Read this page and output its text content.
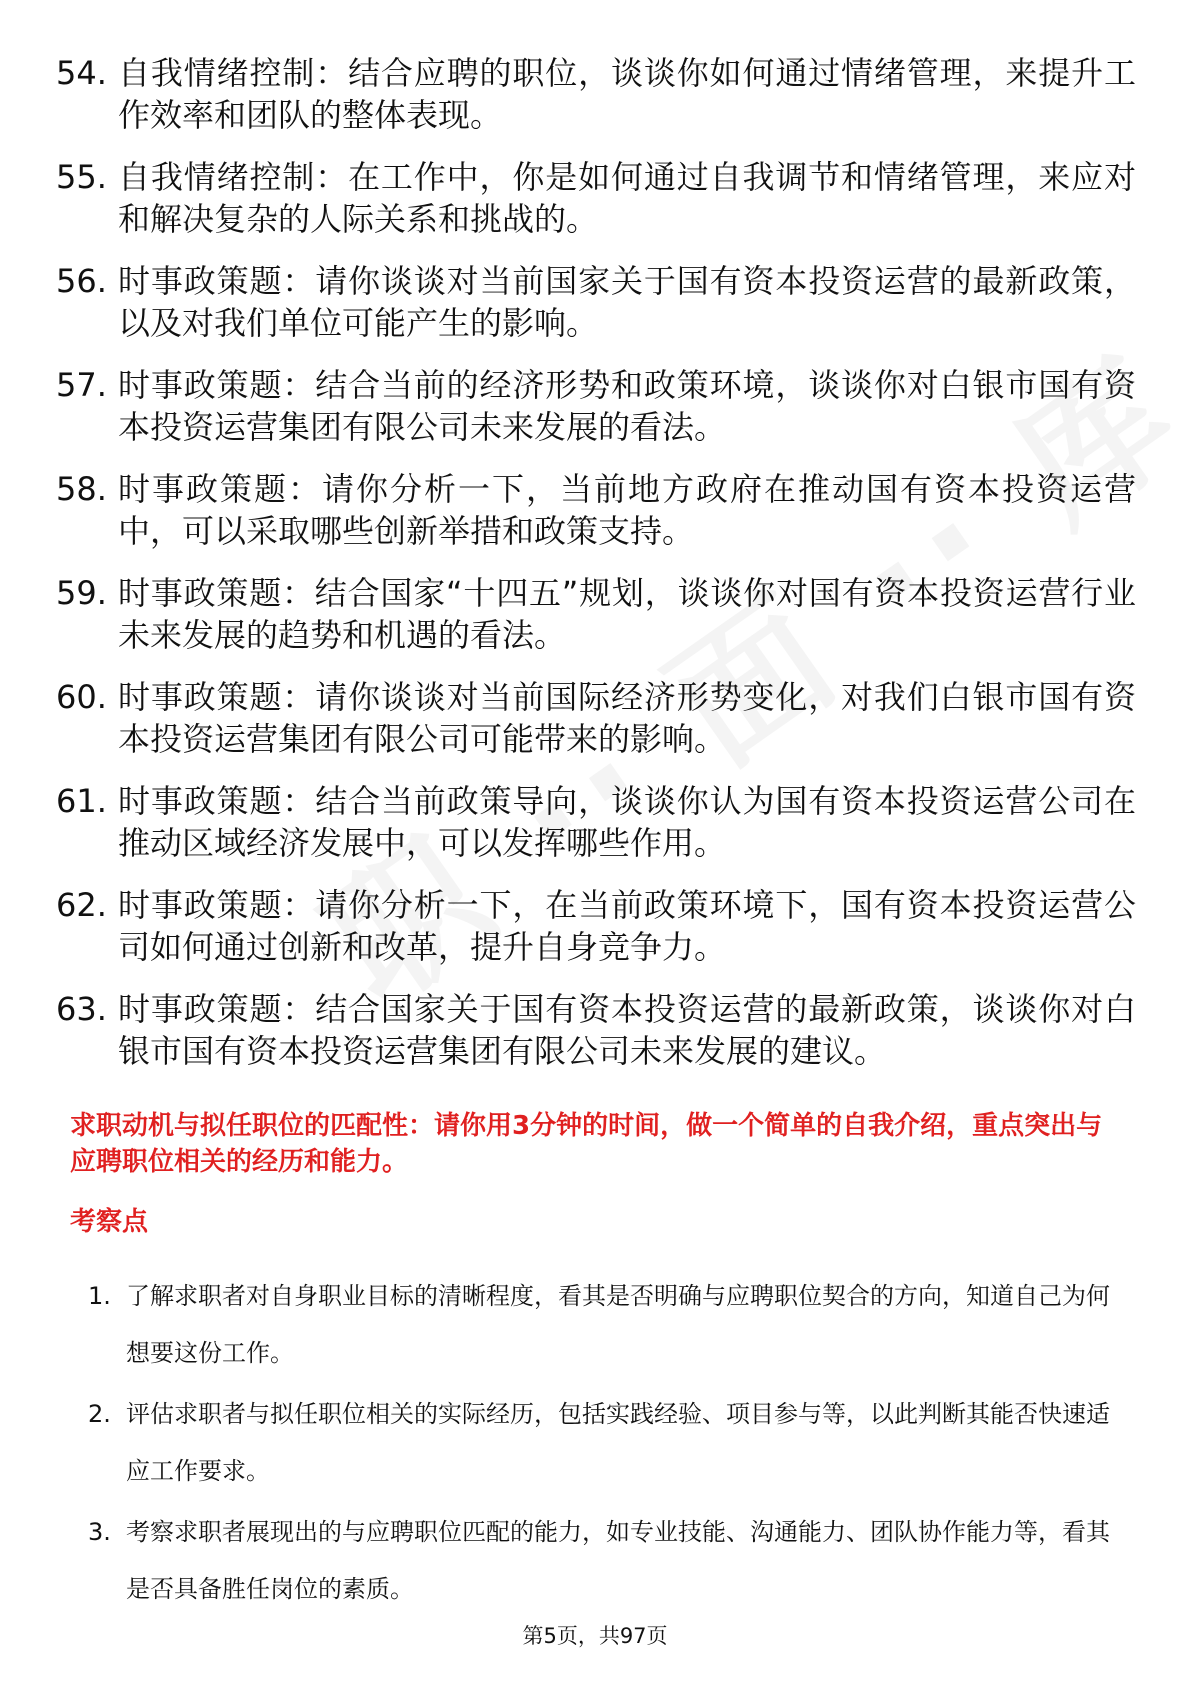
54. 自我情绪控制：结合应聘的职位，谈谈你如何通过情绪管理，来提升工作效率和团队的整体表现。
55. 自我情绪控制：在工作中，你是如何通过自我调节和情绪管理，来应对和解决复杂的人际关系和挑战的。
56. 时事政策题：请你谈谈对当前国家关于国有资本投资运营的最新政策，以及对我们单位可能产生的影响。
57. 时事政策题：结合当前的经济形势和政策环境，谈谈你对白银市国有资本投资运营集团有限公司未来发展的看法。
58. 时事政策题：请你分析一下，当前地方政府在推动国有资本投资运营中，可以采取哪些创新举措和政策支持。
59. 时事政策题：结合国家“十四五”规划，谈谈你对国有资本投资运营行业未来发展的趋势和机遇的看法。
60. 时事政策题：请你谈谈对当前国际经济形势变化，对我们白银市国有资本投资运营集团有限公司可能带来的影响。
61. 时事政策题：结合当前政策导向，谈谈你认为国有资本投资运营公司在推动区域经济发展中，可以发挥哪些作用。
62. 时事政策题：请你分析一下，在当前政策环境下，国有资本投资运营公司如何通过创新和改革，提升自身竞争力。
63. 时事政策题：结合国家关于国有资本投资运营的最新政策，谈谈你对白银市国有资本投资运营集团有限公司未来发展的建议。

求职动机与拟任职位的匹配性：请你用3分钟的时间，做一个简单的自我介绍，重点突出与应聘职位相关的经历和能力。

考察点

1. 了解求职者对自身职业目标的清晰程度，看其是否明确与应聘职位契合的方向，知道自己为何想要这份工作。
2. 评估求职者与拟任职位相关的实际经历，包括实践经验、项目参与等，以此判断其能否快速适应工作要求。
3. 考察求职者展现出的与应聘职位匹配的能力，如专业技能、沟通能力、团队协作能力等，看其是否具备胜任岗位的素质。
第5页，共97页
